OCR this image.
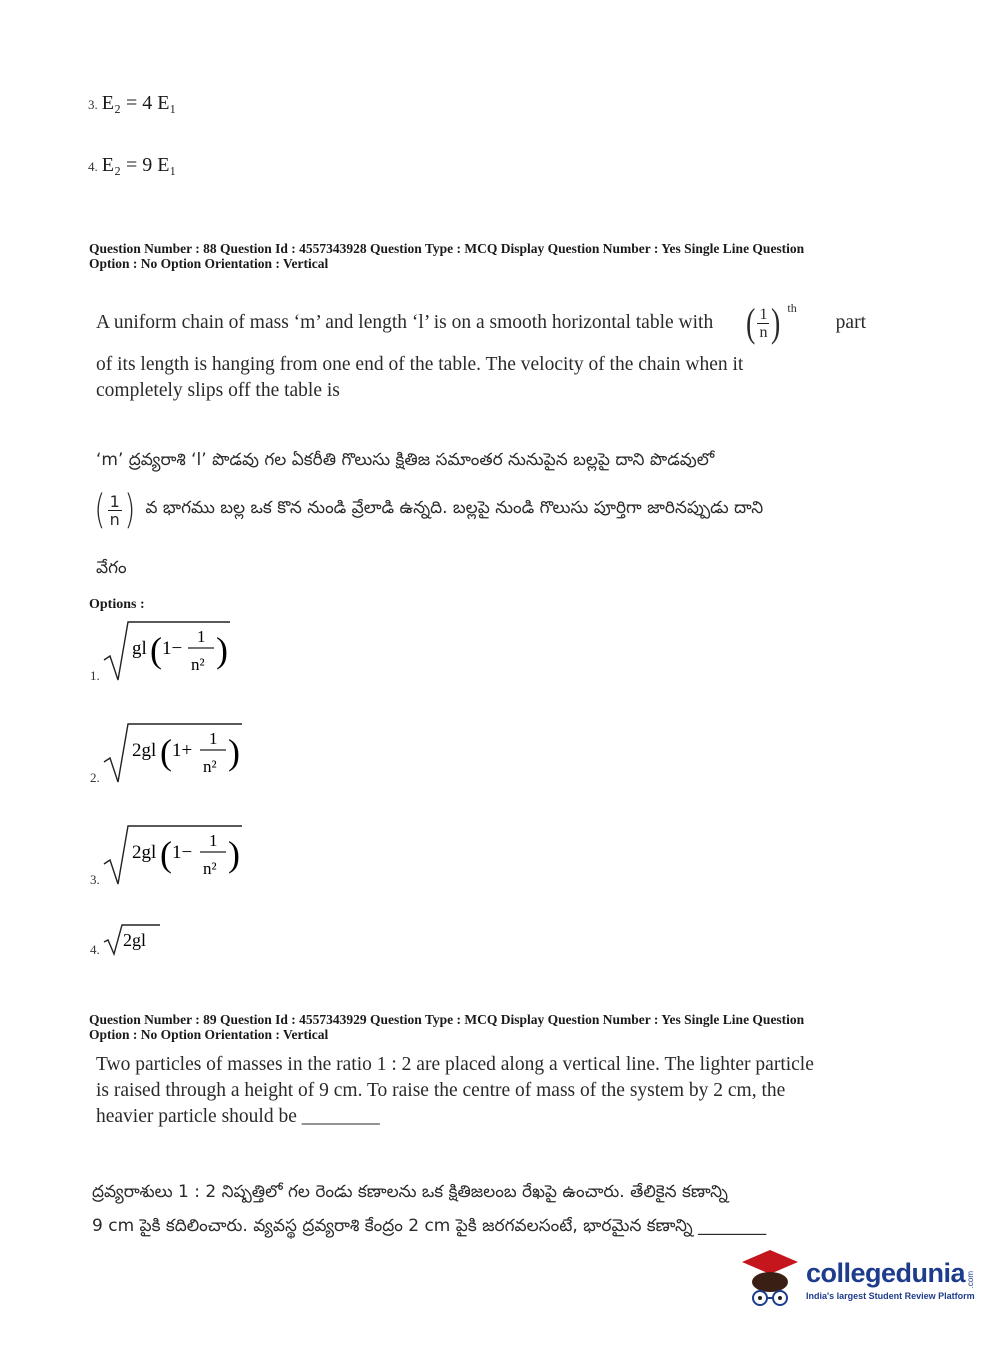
3. E₂ = 4 E₁
4. E₂ = 9 E₁
Question Number : 88 Question Id : 4557343928 Question Type : MCQ Display Question Number : Yes Single Line Question
Option : No Option Orientation : Vertical
A uniform chain of mass ‘m’ and length ‘l’ is on a smooth horizontal table with ( $\frac{1}{n}$ ) $^{th}$
part
of its length is hanging from one end of the table. The velocity of the chain when it
completely slips off the table is
‘m’ ద్రవ్యరాశి ‘l’ పొడవు గల ఏకరీతి గొలుసు క్షితిజ సమాంతర నునుపైన బల్లపై దాని పొడవులో
( $\frac{1}{n}$ ) వ భాగము బల్ల ఒక కొన నుండి వ్రేలాడి ఉన్నది. బల్లపై నుండి గొలుసు పూర్తిగా జారినప్పుడు దాని
వేగం
Options :
1.
gl ( 1−
1
n² )
2.
2gl ( 1+
1
n² )
3.
2gl ( 1−
1
n² )
4. 2gl
Question Number : 89 Question Id : 4557343929 Question Type : MCQ Display Question Number : Yes Single Line Question
Option : No Option Orientation : Vertical
Two particles of masses in the ratio 1 : 2 are placed along a vertical line. The lighter particle
is raised through a height of 9 cm. To raise the centre of mass of the system by 2 cm, the
heavier particle should be ________
ద్రవ్యరాశులు 1 : 2 నిష్పత్తిలో గల రెండు కణాలను ఒక క్షితిజలంబ రేఖపై ఉంచారు. తేలికైన కణాన్ని
9 cm పైకి కదిలించారు. వ్యవస్థ ద్రవ్యరాశి కేంద్రం 2 cm పైకి జరగవలసంటే, భారమైన కణాన్ని ________
collegedunia .com
India's largest Student Review Platform
